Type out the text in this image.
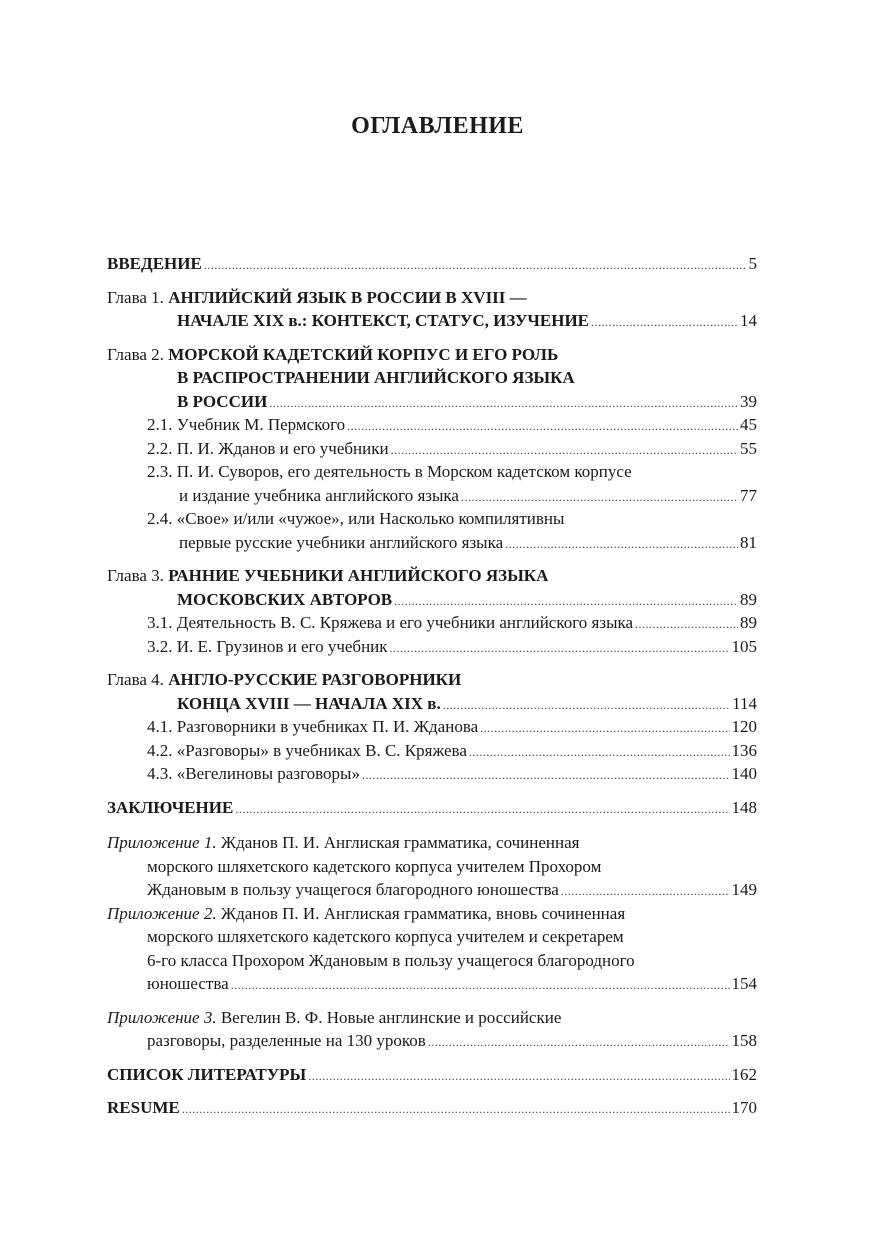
ОГЛАВЛЕНИЕ
ВВЕДЕНИЕ .....	5
Глава 1. АНГЛИЙСКИЙ ЯЗЫК В РОССИИ В XVIII —
НАЧАЛЕ XIX в.: КОНТЕКСТ, СТАТУС, ИЗУЧЕНИЕ .....	14
Глава 2. МОРСКОЙ КАДЕТСКИЙ КОРПУС И ЕГО РОЛЬ
В РАСПРОСТРАНЕНИИ АНГЛИЙСКОГО ЯЗЫКА
В РОССИИ .....	39
2.1. Учебник М. Пермского .....	45
2.2. П. И. Жданов и его учебники .....	55
2.3. П. И. Суворов, его деятельность в Морском кадетском корпусе
и издание учебника английского языка .....	77
2.4. «Свое» и/или «чужое», или Насколько компилятивны
первые русские учебники английского языка .....	81
Глава 3. РАННИЕ УЧЕБНИКИ АНГЛИЙСКОГО ЯЗЫКА
МОСКОВСКИХ АВТОРОВ .....	89
3.1. Деятельность В. С. Кряжева и его учебники английского языка .....	89
3.2. И. Е. Грузинов и его учебник .....	105
Глава 4. АНГЛО-РУССКИЕ РАЗГОВОРНИКИ
КОНЦА XVIII — НАЧАЛА XIX в. .....	114
4.1. Разговорники в учебниках П. И. Жданова .....	120
4.2. «Разговоры» в учебниках В. С. Кряжева .....	136
4.3. «Вегелиновы разговоры» .....	140
ЗАКЛЮЧЕНИЕ .....	148
Приложение 1. Жданов П. И. Англиская грамматика, сочиненная
морского шляхетского кадетского корпуса учителем Прохором
Ждановым в пользу учащегося благородного юношества .....	149
Приложение 2. Жданов П. И. Англиская грамматика, вновь сочиненная
морского шляхетского кадетского корпуса учителем и секретарем
6-го класса Прохором Ждановым в пользу учащегося благородного
юношества .....	154
Приложение 3. Вегелин В. Ф. Новые англинские и российские
разговоры, разделенные на 130 уроков .....	158
СПИСОК ЛИТЕРАТУРЫ .....	162
RESUME .....	170
